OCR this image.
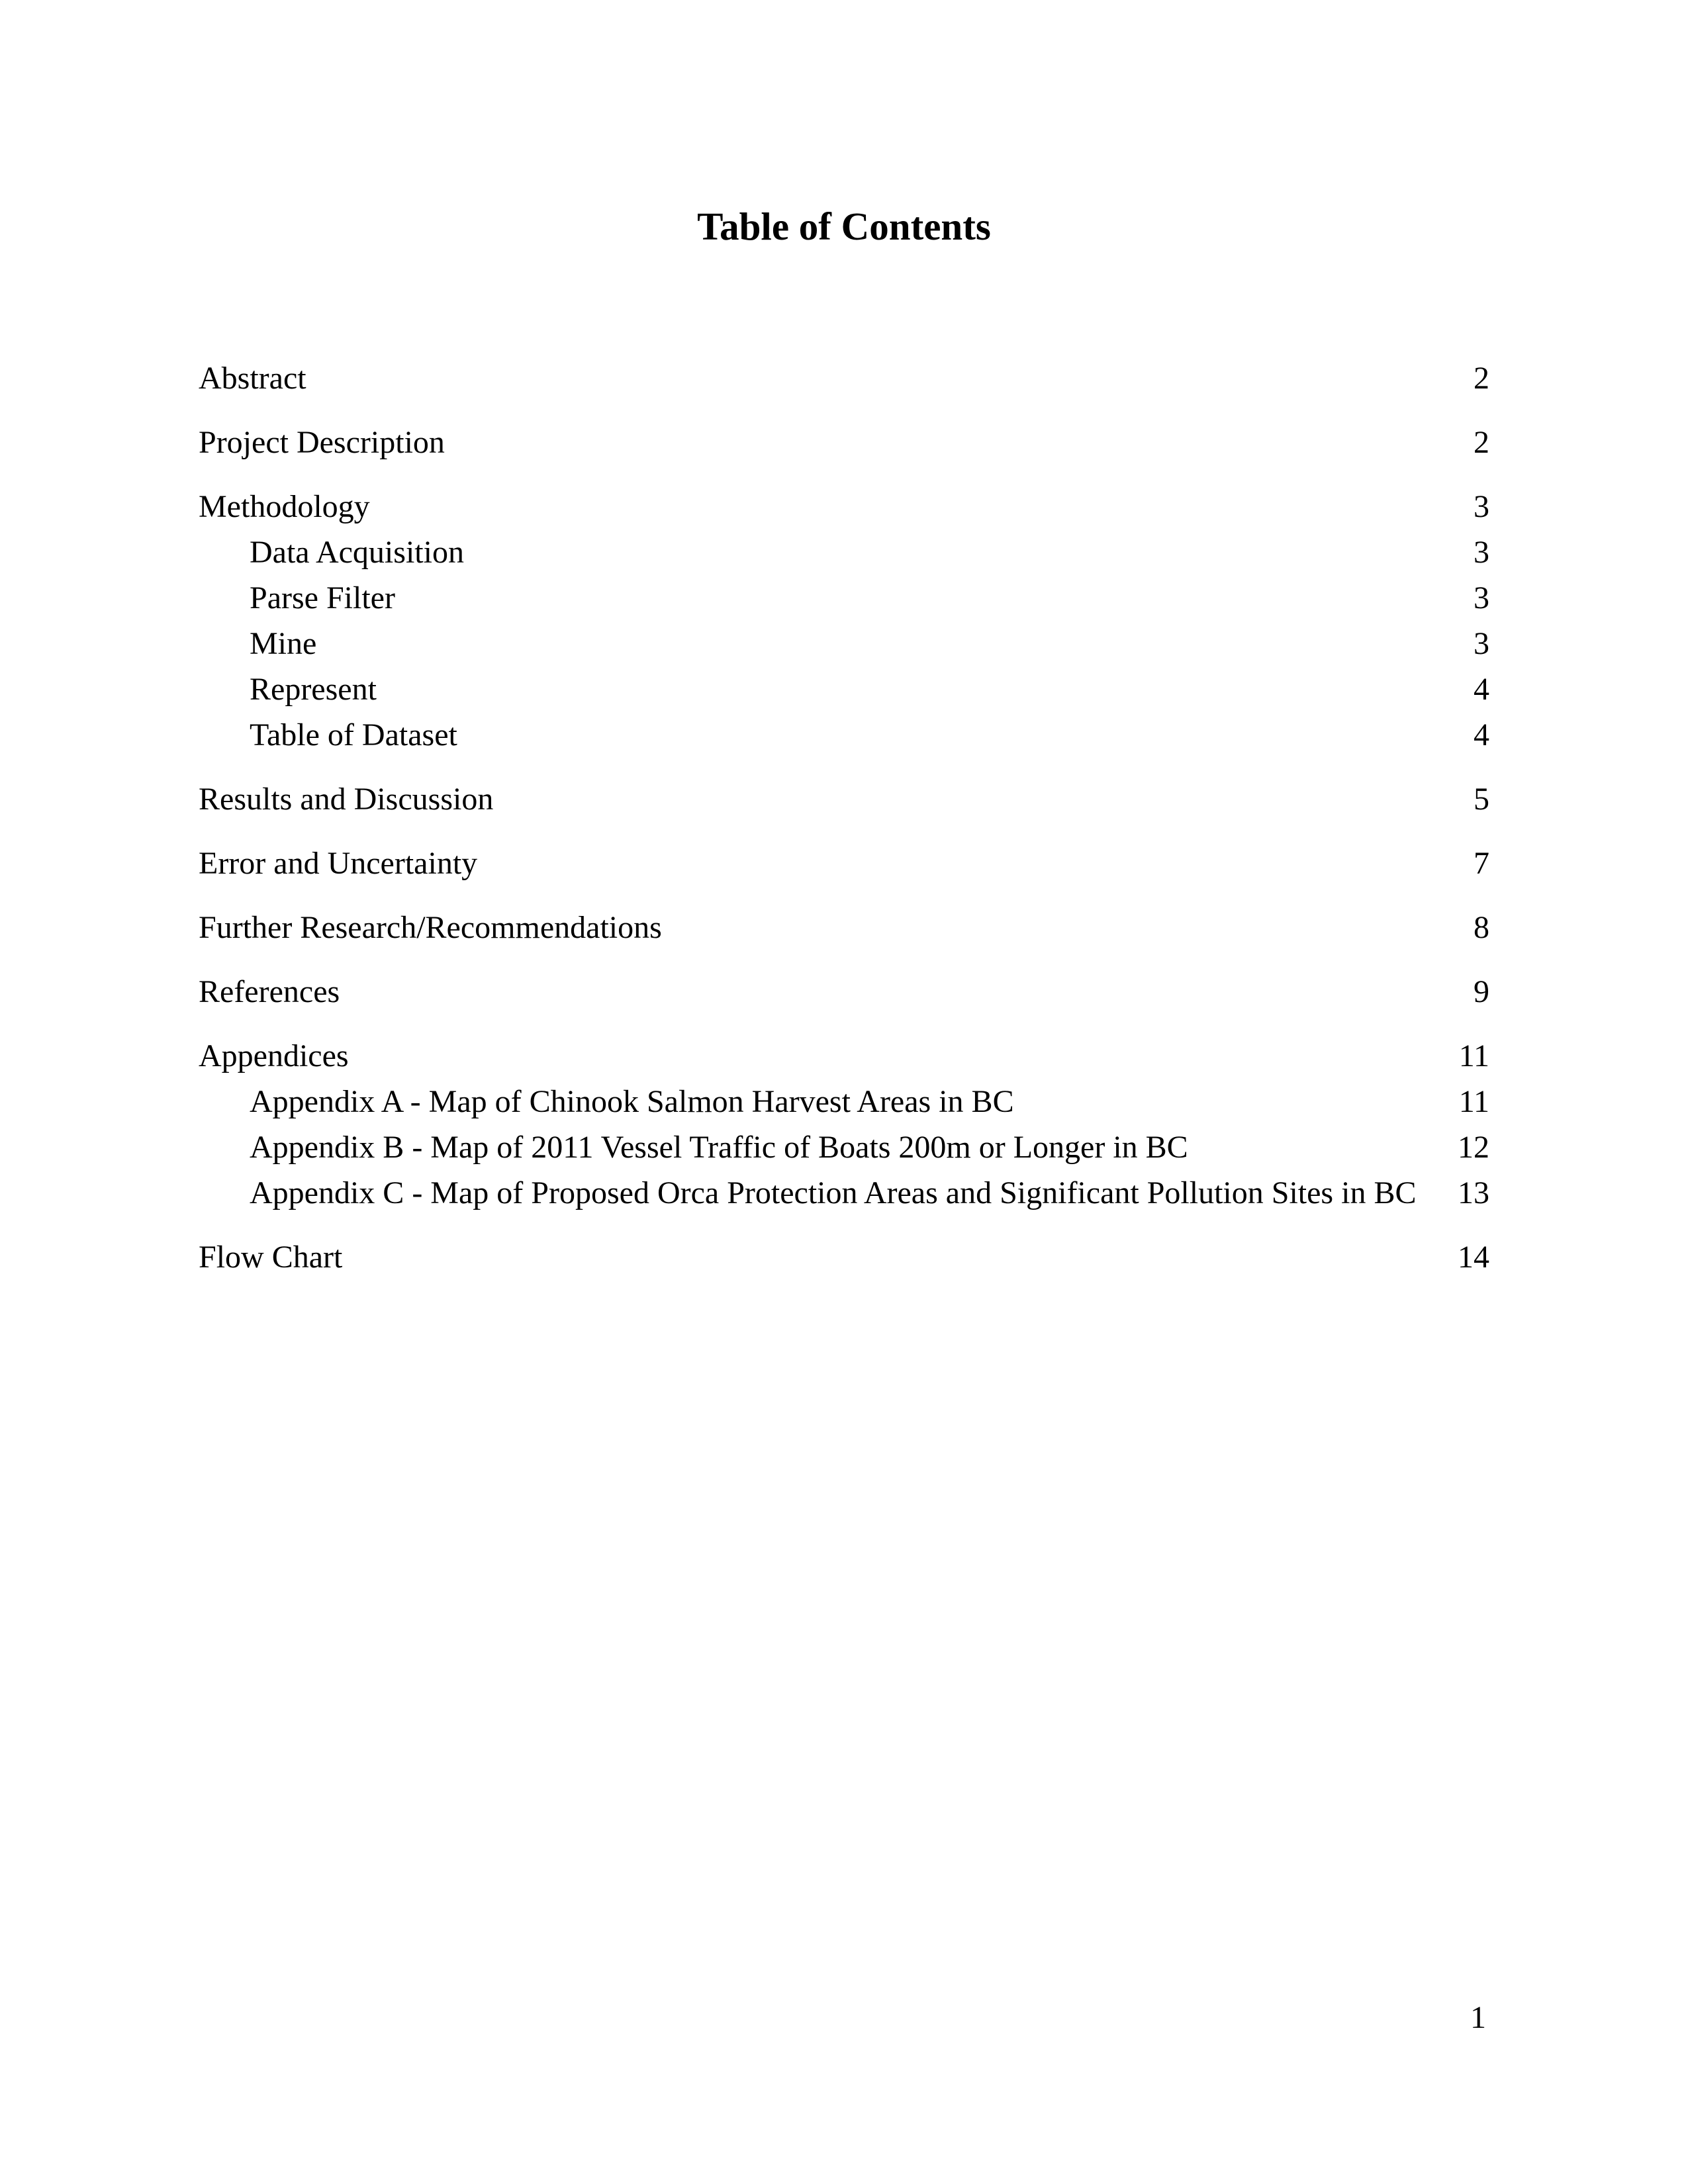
Table of Contents
Abstract	2
Project Description	2
Methodology	3
Data Acquisition	3
Parse Filter	3
Mine	3
Represent	4
Table of Dataset	4
Results and Discussion	5
Error and Uncertainty	7
Further Research/Recommendations	8
References	9
Appendices	11
Appendix A - Map of Chinook Salmon Harvest Areas in BC	11
Appendix B - Map of 2011 Vessel Traffic of Boats 200m or Longer in BC	12
Appendix C - Map of Proposed Orca Protection Areas and Significant Pollution Sites in BC	13
Flow Chart	14
1
